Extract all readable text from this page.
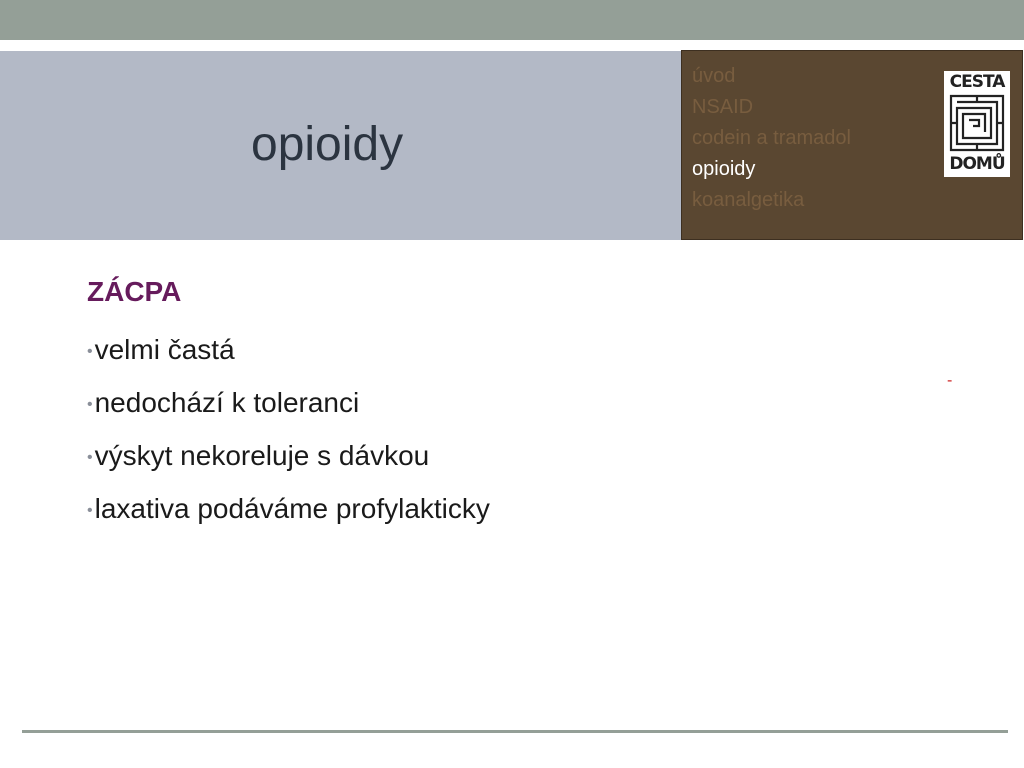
opioidy
úvod
NSAID
codein a tramadol
opioidy
koanalgetika
CESTA
DOMŮ
ZÁCPA
•velmi častá
•nedochází k toleranci
•výskyt nekoreluje s dávkou
•laxativa podáváme profylakticky
-
